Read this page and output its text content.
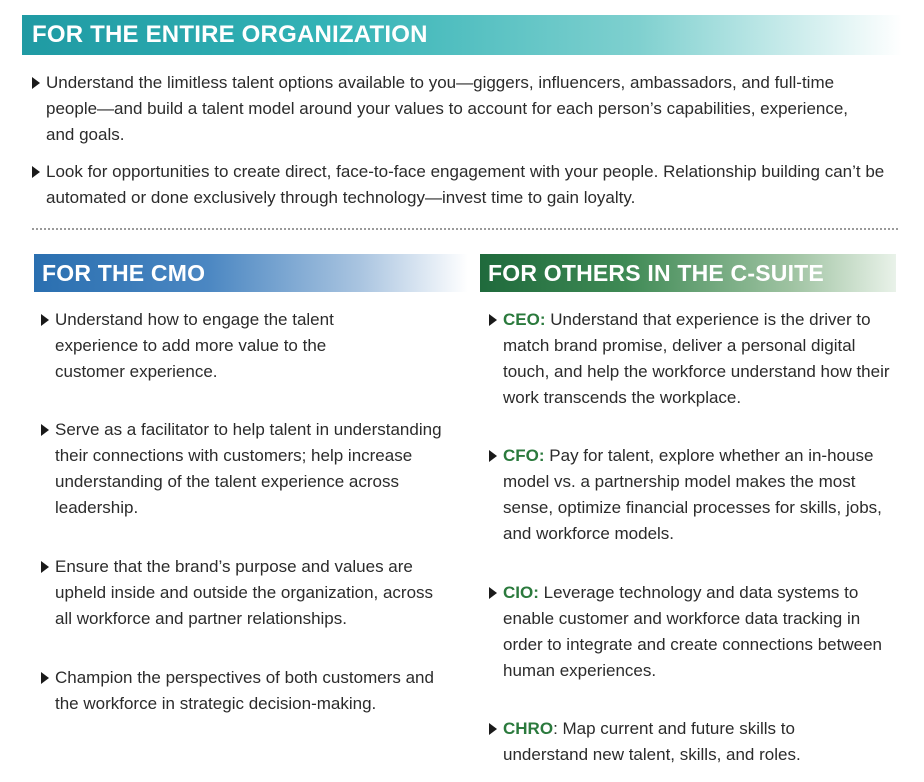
FOR THE ENTIRE ORGANIZATION
Understand the limitless talent options available to you—giggers, influencers, ambassadors, and full-time people—and build a talent model around your values to account for each person’s capabilities, experience, and goals.
Look for opportunities to create direct, face-to-face engagement with your people. Relationship building can’t be automated or done exclusively through technology—invest time to gain loyalty.
FOR THE CMO	FOR OTHERS IN THE C-SUITE
Understand how to engage the talent experience to add more value to the customer experience.
Serve as a facilitator to help talent in understanding their connections with customers; help increase understanding of the talent experience across leadership.
Ensure that the brand’s purpose and values are upheld inside and outside the organization, across all workforce and partner relationships.
Champion the perspectives of both customers and the workforce in strategic decision-making.
CEO: Understand that experience is the driver to match brand promise, deliver a personal digital touch, and help the workforce understand how their work transcends the workplace.
CFO: Pay for talent, explore whether an in-house model vs. a partnership model makes the most sense, optimize financial processes for skills, jobs, and workforce models.
CIO: Leverage technology and data systems to enable customer and workforce data tracking in order to integrate and create connections between human experiences.
CHRO: Map current and future skills to understand new talent, skills, and roles.
